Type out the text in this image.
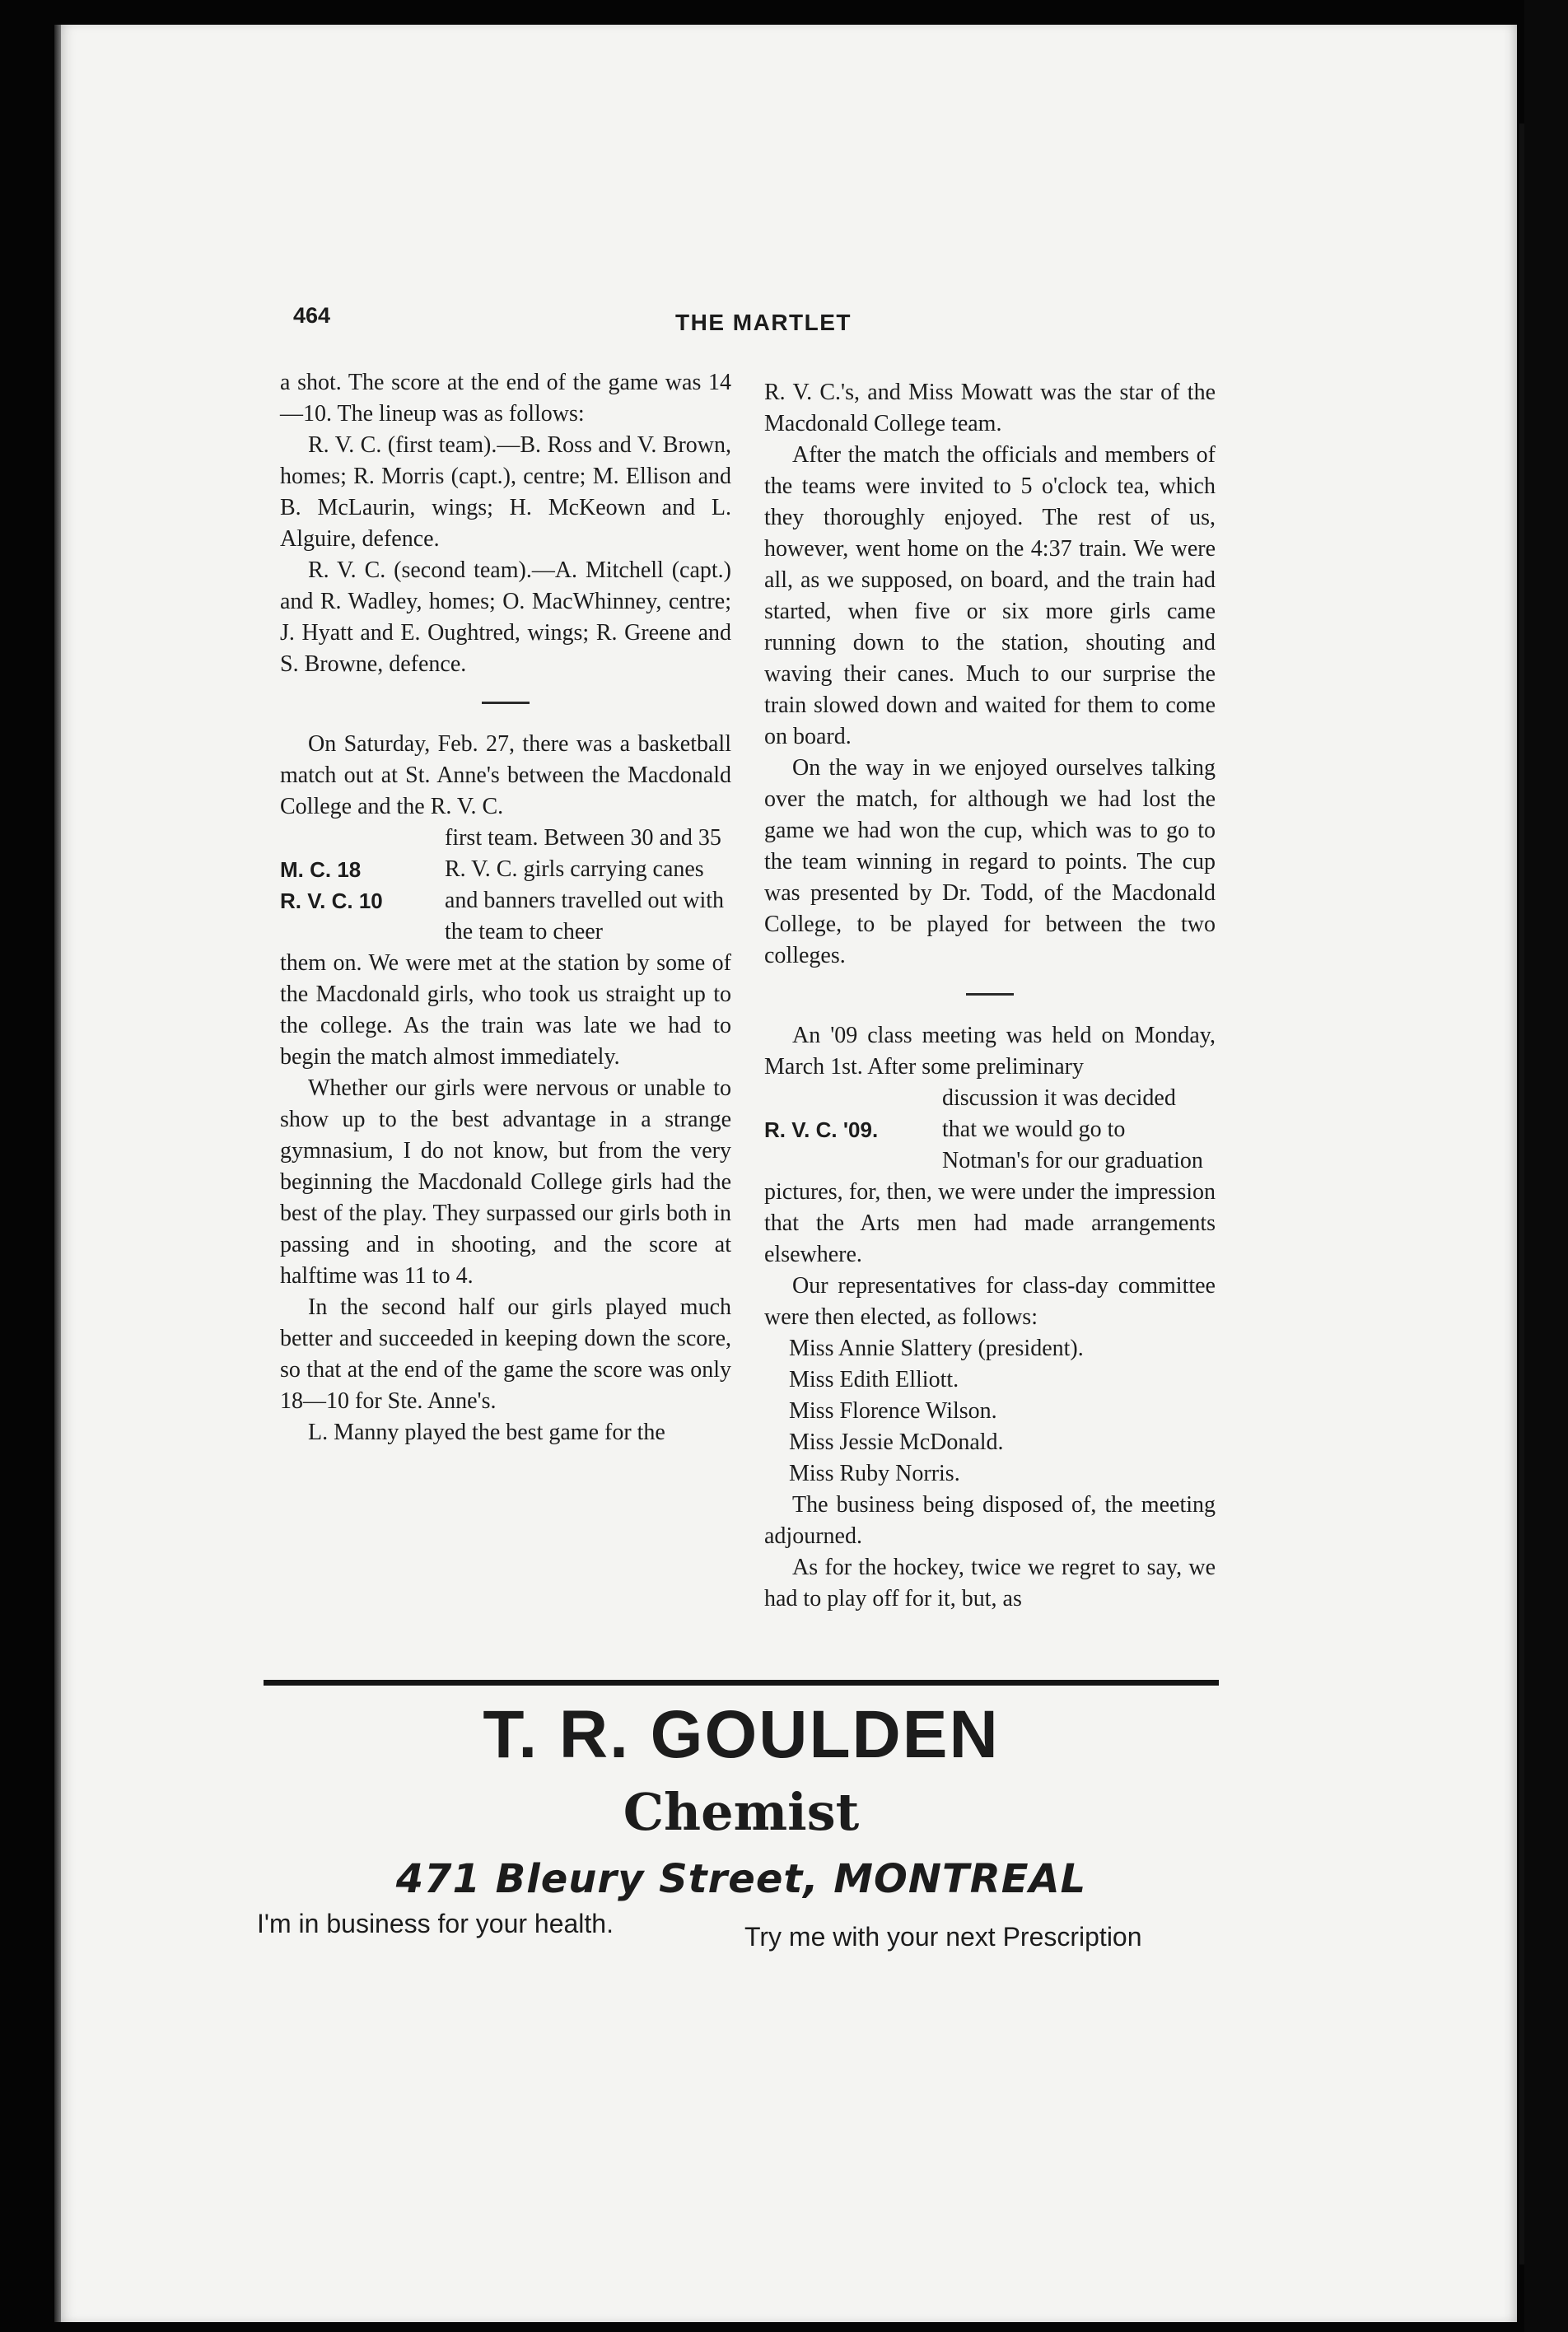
464	THE MARTLET

a shot. The score at the end of the game was 14—10. The lineup was as follows:

R. V. C. (first team).—B. Ross and V. Brown, homes; R. Morris (capt.), centre; M. Ellison and B. McLaurin, wings; H. McKeown and L. Alguire, defence.

R. V. C. (second team).—A. Mitchell (capt.) and R. Wadley, homes; O. MacWhinney, centre; J. Hyatt and E. Oughtred, wings; R. Greene and S. Browne, defence.

On Saturday, Feb. 27, there was a basketball match out at St. Anne's between the Macdonald College and the R. V. C.

M. C. 18
R. V. C. 10
first team. Between 30 and 35 R. V. C. girls carrying canes and banners travelled out with the team to cheer

them on. We were met at the station by some of the Macdonald girls, who took us straight up to the college. As the train was late we had to begin the match almost immediately.

Whether our girls were nervous or unable to show up to the best advantage in a strange gymnasium, I do not know, but from the very beginning the Macdonald College girls had the best of the play. They surpassed our girls both in passing and in shooting, and the score at halftime was 11 to 4.

In the second half our girls played much better and succeeded in keeping down the score, so that at the end of the game the score was only 18—10 for Ste. Anne's.

L. Manny played the best game for the

R. V. C.'s, and Miss Mowatt was the star of the Macdonald College team.

After the match the officials and members of the teams were invited to 5 o'clock tea, which they thoroughly enjoyed. The rest of us, however, went home on the 4:37 train. We were all, as we supposed, on board, and the train had started, when five or six more girls came running down to the station, shouting and waving their canes. Much to our surprise the train slowed down and waited for them to come on board.

On the way in we enjoyed ourselves talking over the match, for although we had lost the game we had won the cup, which was to go to the team winning in regard to points. The cup was presented by Dr. Todd, of the Macdonald College, to be played for between the two colleges.

An '09 class meeting was held on Monday, March 1st. After some preliminary

R. V. C. '09.
discussion it was decided that we would go to Notman's for our graduation

pictures, for, then, we were under the impression that the Arts men had made arrangements elsewhere.

Our representatives for class-day committee were then elected, as follows:

Miss Annie Slattery (president).
Miss Edith Elliott.
Miss Florence Wilson.
Miss Jessie McDonald.
Miss Ruby Norris.

The business being disposed of, the meeting adjourned.

As for the hockey, twice we regret to say, we had to play off for it, but, as

T. R. GOULDEN
Chemist
471 Bleury Street, MONTREAL
I'm in business for your health.	Try me with your next Prescription
